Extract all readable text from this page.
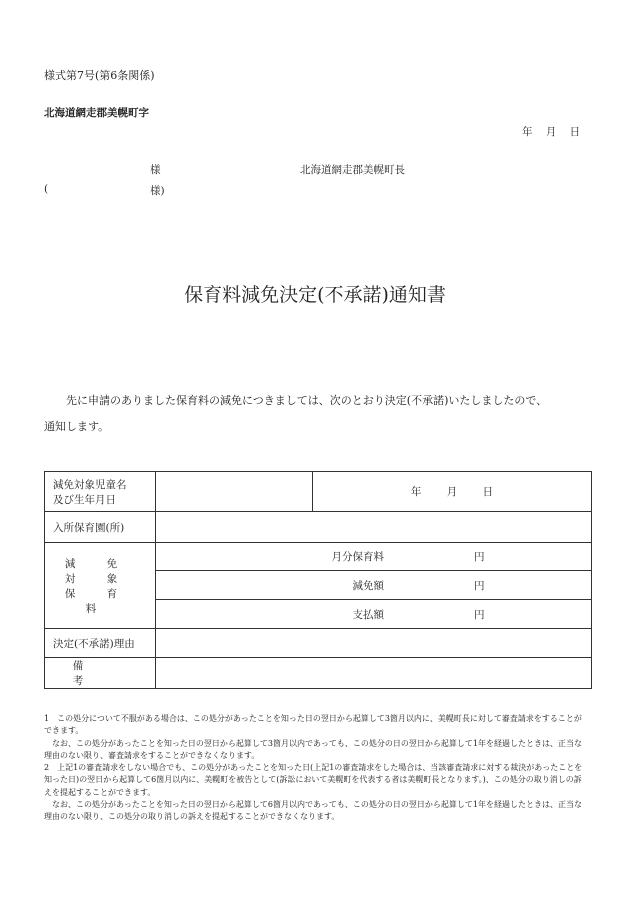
様式第7号(第6条関係)
北海道網走郡美幌町字
年 月 日
様	北海道網走郡美幌町長
(	様)
保育料減免決定(不承諾)通知書
先に申請のありました保育料の減免につきましては、次のとおり決定(不承諾)いたしましたので、
通知します。
減免対象児童名
及び生年月日		年 月 日
入所保育園(所)		

減 免 対 象
保 育 料	月分保育料 円	
	減免額 円	
	支払額 円	
決定(不承諾)理由		
備考		

1　この処分について不服がある場合は、この処分があったことを知った日の翌日から起算して3箇月以内に、美幌町長に対して審査請求をすることができます。

なお、この処分があったことを知った日の翌日から起算して3箇月以内であっても、この処分の日の翌日から起算して1年を経過したときは、正当な理由のない限り、審査請求をすることができなくなります。

2　上記1の審査請求をしない場合でも、この処分があったことを知った日(上記1の審査請求をした場合は、当該審査請求に対する裁決があったことを知った日)の翌日から起算して6箇月以内に、美幌町を被告として(訴訟において美幌町を代表する者は美幌町長となります。)、この処分の取り消しの訴えを提起することができます。

なお、この処分があったことを知った日の翌日から起算して6箇月以内であっても、この処分の日の翌日から起算して1年を経過したときは、正当な理由のない限り、この処分の取り消しの訴えを提起することができなくなります。
